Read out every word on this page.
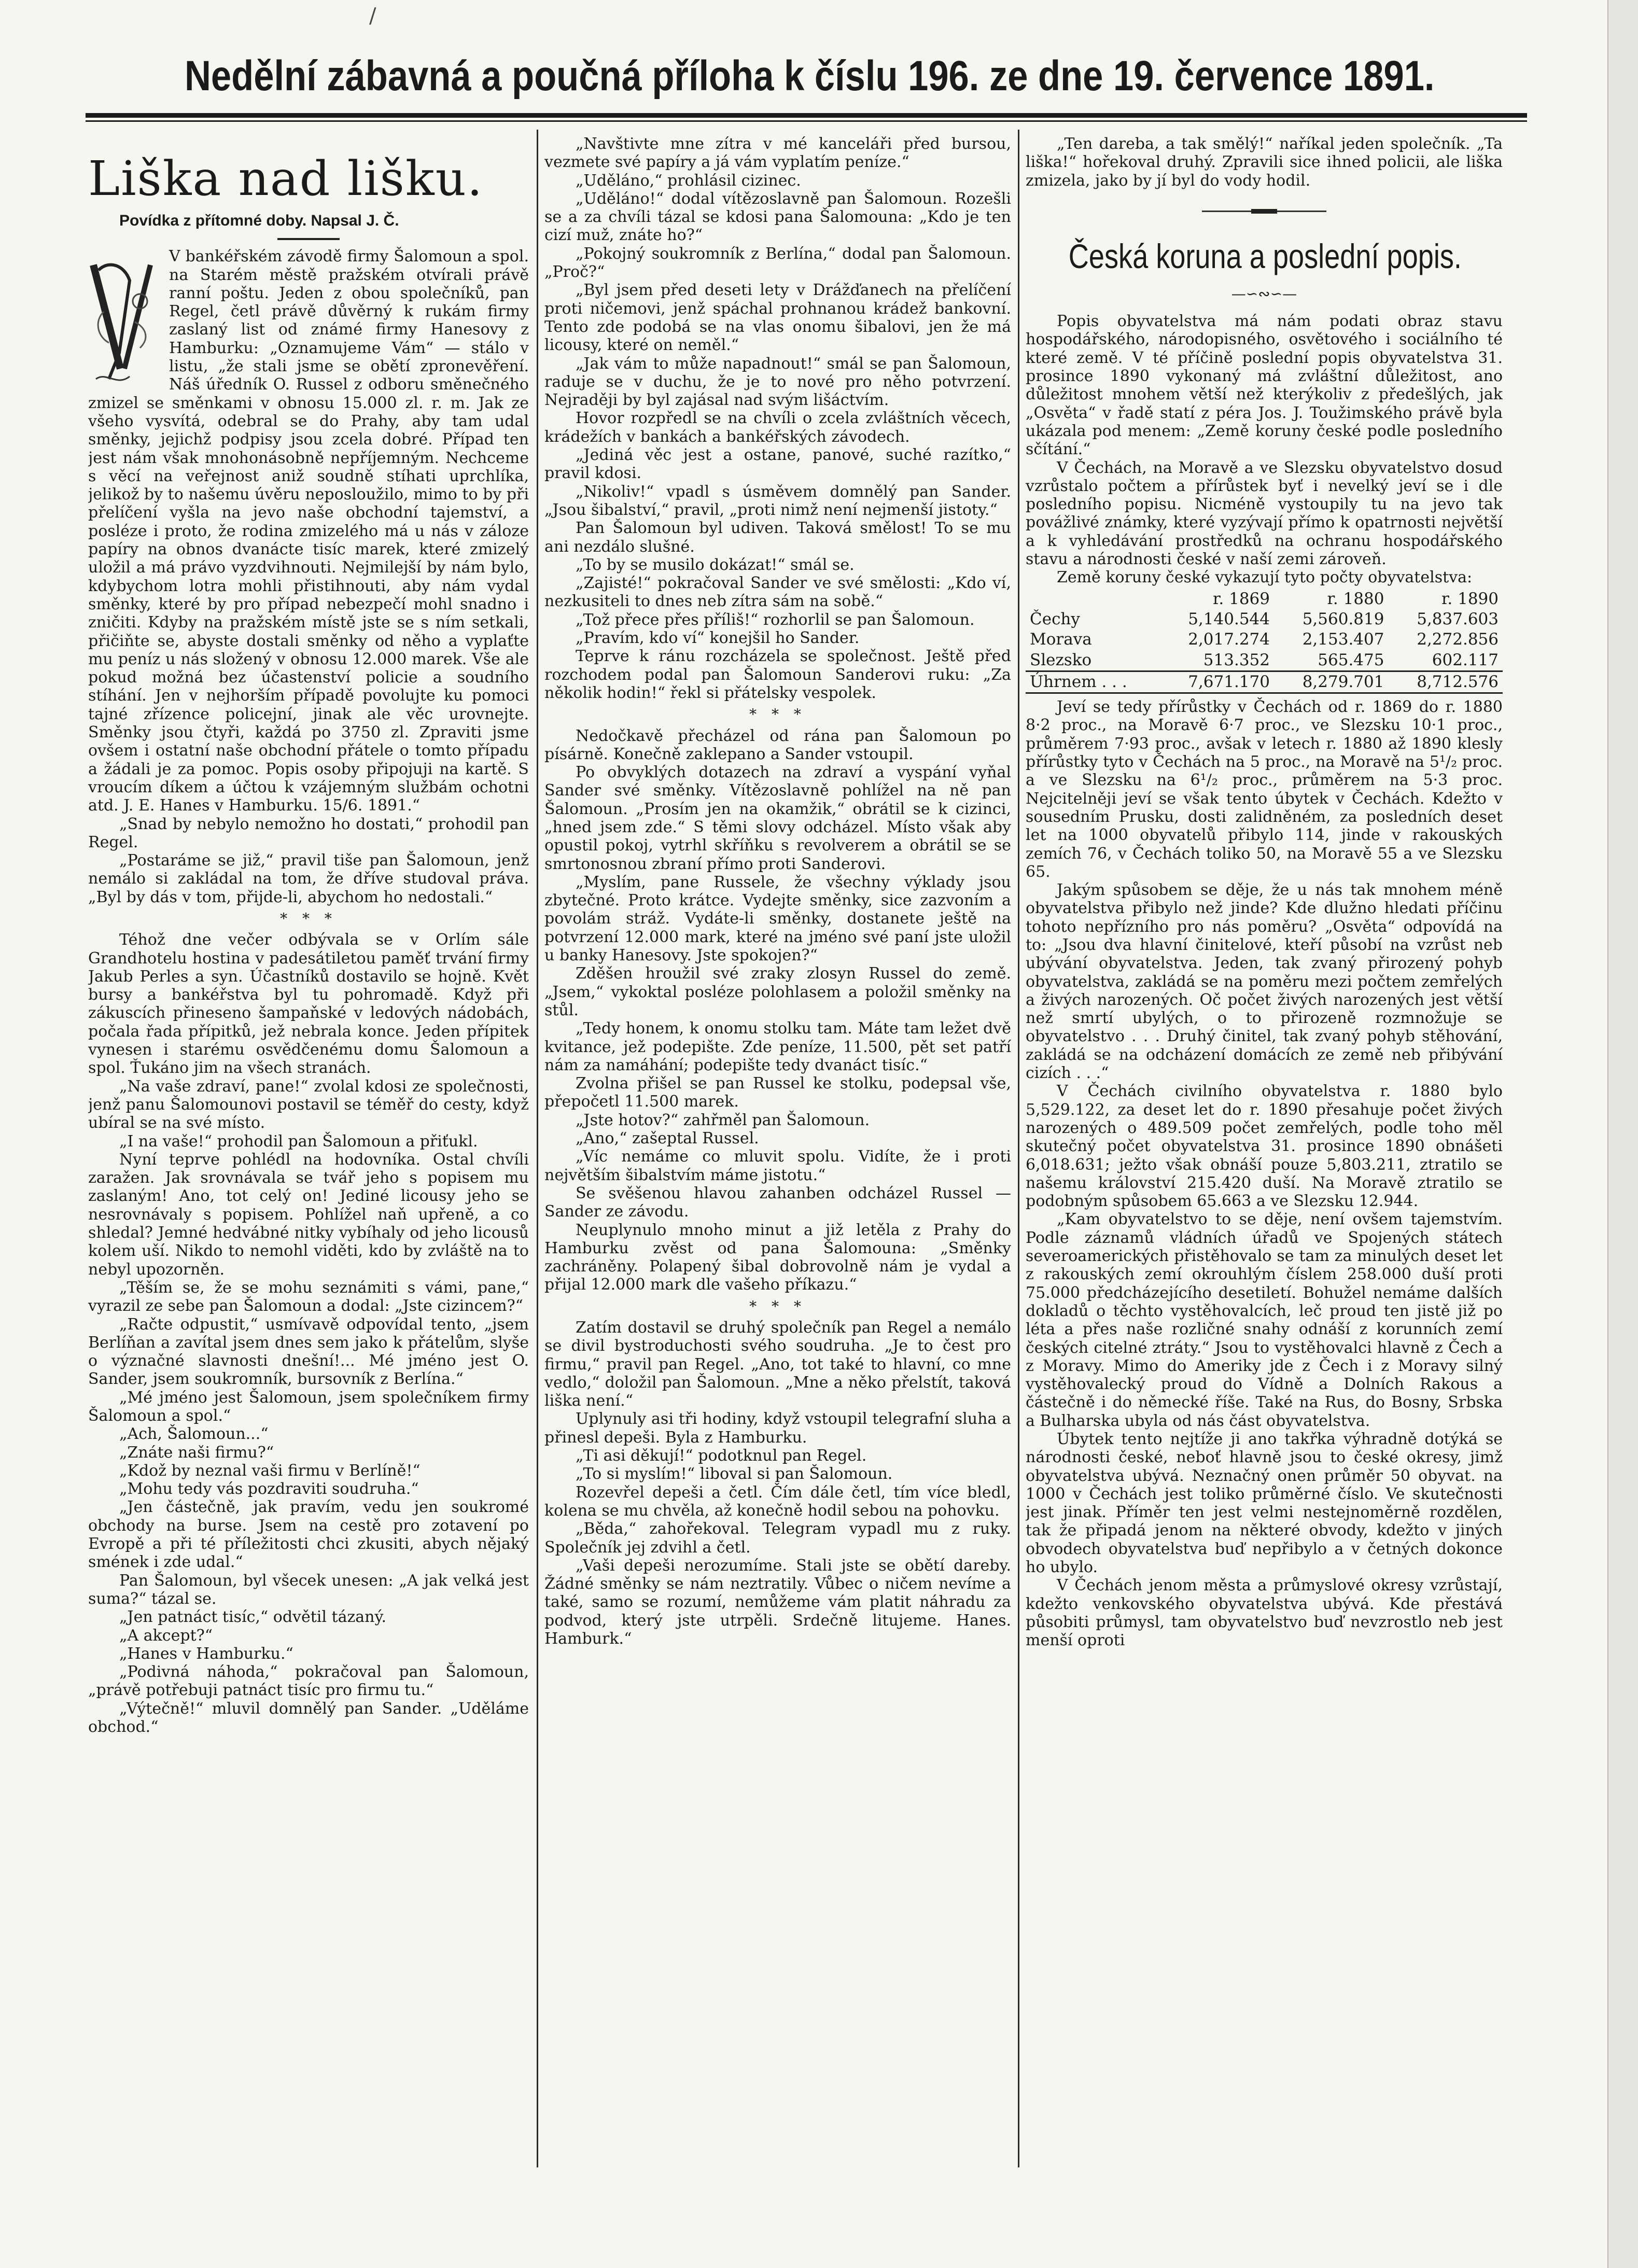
/
Nedělní zábavná a poučná příloha k číslu 196. ze dne 19. července 1891.
Liška nad lišku.
Povídka z přítomné doby. Napsal J. Č.

V bankéřském závodě firmy Šalomoun a spol. na Starém městě pražském otvírali právě ranní poštu. Jeden z obou společníků, pan Regel, četl právě důvěrný k rukám firmy zaslaný list od známé firmy Hanesovy z Hamburku: „Oznamujeme Vám“ — stálo v listu, „že stali jsme se obětí zpronevěření. Náš úředník O. Russel z odboru směnečného zmizel se směnkami v obnosu 15.000 zl. r. m. Jak ze všeho vysvítá, odebral se do Prahy, aby tam udal směnky, jejichž podpisy jsou zcela dobré. Případ ten jest nám však mnohonásobně nepříjemným. Nechceme s věcí na veřejnost aniž soudně stíhati uprchlíka, jelikož by to našemu úvěru neposloužilo, mimo to by při přelíčení vyšla na jevo naše obchodní tajemství, a posléze i proto, že rodina zmizelého má u nás v záloze papíry na obnos dvanácte tisíc marek, které zmizelý uložil a má právo vyzdvihnouti. Nejmilejší by nám bylo, kdybychom lotra mohli přistihnouti, aby nám vydal směnky, které by pro případ nebezpečí mohl snadno i zničiti. Kdyby na pražském místě jste se s ním setkali, přičiňte se, abyste dostali směnky od něho a vyplaťte mu peníz u nás složený v obnosu 12.000 marek. Vše ale pokud možná bez účastenství policie a soudního stíhání. Jen v nejhorším případě povolujte ku pomoci tajné zřízence policejní, jinak ale věc urovnejte. Směnky jsou čtyři, každá po 3750 zl. Zpraviti jsme ovšem i ostatní naše obchodní přátele o tomto případu a žádali je za pomoc. Popis osoby připojuji na kartě. S vroucím díkem a účtou k vzájemným službám ochotni atd. J. E. Hanes v Hamburku. 15/6. 1891.“

„Snad by nebylo nemožno ho dostati,“ prohodil pan Regel.

„Postaráme se již,“ pravil tiše pan Šalomoun, jenž nemálo si zakládal na tom, že dříve studoval práva. „Byl by dás v tom, přijde-li, abychom ho nedostali.“

* * *

Téhož dne večer odbývala se v Orlím sále Grandhotelu hostina v padesátiletou paměť trvání firmy Jakub Perles a syn. Účastníků dostavilo se hojně. Květ bursy a bankéřstva byl tu pohromadě. Když při zákuscích přineseno šampaňské v ledových nádobách, počala řada přípitků, jež nebrala konce. Jeden přípitek vynesen i starému osvědčenému domu Šalomoun a spol. Ťukáno jim na všech stranách.

„Na vaše zdraví, pane!“ zvolal kdosi ze společnosti, jenž panu Šalomounovi postavil se téměř do cesty, když ubíral se na své místo.

„I na vaše!“ prohodil pan Šalomoun a přiťukl.

Nyní teprve pohlédl na hodovníka. Ostal chvíli zaražen. Jak srovnávala se tvář jeho s popisem mu zaslaným! Ano, tot celý on! Jediné licousy jeho se nesrovnávaly s popisem. Pohlížel naň upřeně, a co shledal? Jemné hedvábné nitky vybíhaly od jeho licousů kolem uší. Nikdo to nemohl viděti, kdo by zvláště na to nebyl upozorněn.

„Těším se, že se mohu seznámiti s vámi, pane,“ vyrazil ze sebe pan Šalomoun a dodal: „Jste cizincem?“

„Račte odpustit,“ usmívavě odpovídal tento, „jsem Berlíňan a zavítal jsem dnes sem jako k přátelům, slyše o význačné slavnosti dnešní!... Mé jméno jest O. Sander, jsem soukromník, bursovník z Berlína.“

„Mé jméno jest Šalomoun, jsem společníkem firmy Šalomoun a spol.“

„Ach, Šalomoun...“

„Znáte naši firmu?“

„Kdož by neznal vaši firmu v Berlíně!“

„Mohu tedy vás pozdraviti soudruha.“

„Jen částečně, jak pravím, vedu jen soukromé obchody na burse. Jsem na cestě pro zotavení po Evropě a při té příležitosti chci zkusiti, abych nějaký smének i zde udal.“

Pan Šalomoun, byl všecek unesen: „A jak velká jest suma?“ tázal se.

„Jen patnáct tisíc,“ odvětil tázaný.

„A akcept?“

„Hanes v Hamburku.“

„Podivná náhoda,“ pokračoval pan Šalomoun, „právě potřebuji patnáct tisíc pro firmu tu.“

„Výtečně!“ mluvil domnělý pan Sander. „Uděláme obchod.“

„Navštivte mne zítra v mé kanceláři před bursou, vezmete své papíry a já vám vyplatím peníze.“

„Uděláno,“ prohlásil cizinec.

„Uděláno!“ dodal vítězoslavně pan Šalomoun. Rozešli se a za chvíli tázal se kdosi pana Šalomouna: „Kdo je ten cizí muž, znáte ho?“

„Pokojný soukromník z Berlína,“ dodal pan Šalomoun. „Proč?“

„Byl jsem před deseti lety v Drážďanech na přelíčení proti ničemovi, jenž spáchal prohnanou krádež bankovní. Tento zde podobá se na vlas onomu šibalovi, jen že má licousy, které on neměl.“

„Jak vám to může napadnout!“ smál se pan Šalomoun, raduje se v duchu, že je to nové pro něho potvrzení. Nejraději by byl zajásal nad svým lišáctvím.

Hovor rozpředl se na chvíli o zcela zvláštních věcech, krádežích v bankách a bankéřských závodech.

„Jediná věc jest a ostane, panové, suché razítko,“ pravil kdosi.

„Nikoliv!“ vpadl s úsměvem domnělý pan Sander. „Jsou šibalství,“ pravil, „proti nimž není nejmenší jistoty.“

Pan Šalomoun byl udiven. Taková smělost! To se mu ani nezdálo slušné.

„To by se musilo dokázat!“ smál se.

„Zajisté!“ pokračoval Sander ve své smělosti: „Kdo ví, nezkusiteli to dnes neb zítra sám na sobě.“

„Tož přece přes příliš!“ rozhorlil se pan Šalomoun.

„Pravím, kdo ví“ konejšil ho Sander.

Teprve k ránu rozcházela se společnost. Ještě před rozchodem podal pan Šalomoun Sanderovi ruku: „Za několik hodin!“ řekl si přátelsky vespolek.

* * *

Nedočkavě přecházel od rána pan Šalomoun po písárně. Konečně zaklepano a Sander vstoupil.

Po obvyklých dotazech na zdraví a vyspání vyňal Sander své směnky. Vítězoslavně pohlížel na ně pan Šalomoun. „Prosím jen na okamžik,“ obrátil se k cizinci, „hned jsem zde.“ S těmi slovy odcházel. Místo však aby opustil pokoj, vytrhl skříňku s revolverem a obrátil se se smrtonosnou zbraní přímo proti Sanderovi.

„Myslím, pane Russele, že všechny výklady jsou zbytečné. Proto krátce. Vydejte směnky, sice zazvoním a povolám stráž. Vydáte-li směnky, dostanete ještě na potvrzení 12.000 mark, které na jméno své paní jste uložil u banky Hanesovy. Jste spokojen?“

Zděšen hroužil své zraky zlosyn Russel do země. „Jsem,“ vykoktal posléze polohlasem a položil směnky na stůl.

„Tedy honem, k onomu stolku tam. Máte tam ležet dvě kvitance, jež podepište. Zde peníze, 11.500, pět set patří nám za namáhání; podepište tedy dvanáct tisíc.“

Zvolna přišel se pan Russel ke stolku, podepsal vše, přepočetl 11.500 marek.

„Jste hotov?“ zahřměl pan Šalomoun.

„Ano,“ zašeptal Russel.

„Víc nemáme co mluvit spolu. Vidíte, že i proti největším šibalstvím máme jistotu.“

Se svěšenou hlavou zahanben odcházel Russel — Sander ze závodu.

Neuplynulo mnoho minut a již letěla z Prahy do Hamburku zvěst od pana Šalomouna: „Směnky zachráněny. Polapený šibal dobrovolně nám je vydal a přijal 12.000 mark dle vašeho příkazu.“

* * *

Zatím dostavil se druhý společník pan Regel a nemálo se divil bystroduchosti svého soudruha. „Je to čest pro firmu,“ pravil pan Regel. „Ano, tot také to hlavní, co mne vedlo,“ doložil pan Šalomoun. „Mne a něko přelstít, taková liška není.“

Uplynuly asi tři hodiny, když vstoupil telegrafní sluha a přinesl depeši. Byla z Hamburku.

„Ti asi děkují!“ podotknul pan Regel.

„To si myslím!“ liboval si pan Šalomoun.

Rozevřel depeši a četl. Čím dále četl, tím více bledl, kolena se mu chvěla, až konečně hodil sebou na pohovku.

„Běda,“ zahořekoval. Telegram vypadl mu z ruky. Společník jej zdvihl a četl.

„Vaši depeši nerozumíme. Stali jste se obětí dareby. Žádné směnky se nám neztratily. Vůbec o ničem nevíme a také, samo se rozumí, nemůžeme vám platit náhradu za podvod, který jste utrpěli. Srdečně litujeme. Hanes. Hamburk.“

„Ten dareba, a tak smělý!“ naříkal jeden společník. „Ta liška!“ hořekoval druhý. Zpravili sice ihned policii, ale liška zmizela, jako by jí byl do vody hodil.

Česká koruna a poslední popis.
—∽∾∽—

Popis obyvatelstva má nám podati obraz stavu hospodářského, národopisného, osvětového i sociálního té které země. V té příčině poslední popis obyvatelstva 31. prosince 1890 vykonaný má zvláštní důležitost, ano důležitost mnohem větší než kterýkoliv z předešlých, jak „Osvěta“ v řadě statí z péra Jos. J. Toužimského právě byla ukázala pod menem: „Země koruny české podle posledního sčítání.“

V Čechách, na Moravě a ve Slezsku obyvatelstvo dosud vzrůstalo počtem a přírůstek byť i nevelký jeví se i dle posledního popisu. Nicméně vystoupily tu na jevo tak povážlivé známky, které vyzývají přímo k opatrnosti největší a k vyhledávání prostředků na ochranu hospodářského stavu a národnosti české v naší zemi zároveň.

Země koruny české vykazují tyto počty obyvatelstva:

	r. 1869	r. 1880	r. 1890
Čechy	5,140.544	5,560.819	5,837.603
Morava	2,017.274	2,153.407	2,272.856
Slezsko	513.352	565.475	602.117
Úhrnem . . .	7,671.170	8,279.701	8,712.576

Jeví se tedy přírůstky v Čechách od r. 1869 do r. 1880 8·2 proc., na Moravě 6·7 proc., ve Slezsku 10·1 proc., průměrem 7·93 proc., avšak v letech r. 1880 až 1890 klesly přírůstky tyto v Čechách na 5 proc., na Moravě na 5¹/₂ proc. a ve Slezsku na 6¹/₂ proc., průměrem na 5·3 proc. Nejcitelněji jeví se však tento úbytek v Čechách. Kdežto v sousedním Prusku, dosti zalidněném, za posledních deset let na 1000 obyvatelů přibylo 114, jinde v rakouských zemích 76, v Čechách toliko 50, na Moravě 55 a ve Slezsku 65.

Jakým spůsobem se děje, že u nás tak mnohem méně obyvatelstva přibylo než jinde? Kde dlužno hledati příčinu tohoto nepřízního pro nás poměru? „Osvěta“ odpovídá na to: „Jsou dva hlavní činitelové, kteří působí na vzrůst neb ubývání obyvatelstva. Jeden, tak zvaný přirozený pohyb obyvatelstva, zakládá se na poměru mezi počtem zemřelých a živých narozených. Oč počet živých narozených jest větší než smrtí ubylých, o to přirozeně rozmnožuje se obyvatelstvo . . . Druhý činitel, tak zvaný pohyb stěhování, zakládá se na odcházení domácích ze země neb přibývání cizích . . .“

V Čechách civilního obyvatelstva r. 1880 bylo 5,529.122, za deset let do r. 1890 přesahuje počet živých narozených o 489.509 počet zemřelých, podle toho měl skutečný počet obyvatelstva 31. prosince 1890 obnášeti 6,018.631; ježto však obnáší pouze 5,803.211, ztratilo se našemu království 215.420 duší. Na Moravě ztratilo se podobným spůsobem 65.663 a ve Slezsku 12.944.

„Kam obyvatelstvo to se děje, není ovšem tajemstvím. Podle záznamů vládních úřadů ve Spojených státech severoamerických přistěhovalo se tam za minulých deset let z rakouských zemí okrouhlým číslem 258.000 duší proti 75.000 předcházejícího desetiletí. Bohužel nemáme dalších dokladů o těchto vystěhovalcích, leč proud ten jistě již po léta a přes naše rozličné snahy odnáší z korunních zemí českých citelné ztráty.“ Jsou to vystěhovalci hlavně z Čech a z Moravy. Mimo do Ameriky jde z Čech i z Moravy silný vystěhovalecký proud do Vídně a Dolních Rakous a částečně i do německé říše. Také na Rus, do Bosny, Srbska a Bulharska ubyla od nás část obyvatelstva.

Úbytek tento nejtíže ji ano takřka výhradně dotýká se národnosti české, neboť hlavně jsou to české okresy, jimž obyvatelstva ubývá. Neznačný onen průměr 50 obyvat. na 1000 v Čechách jest toliko průměrné číslo. Ve skutečnosti jest jinak. Příměr ten jest velmi nestejnoměrně rozdělen, tak že připadá jenom na některé obvody, kdežto v jiných obvodech obyvatelstva buď nepřibylo a v četných dokonce ho ubylo.

V Čechách jenom města a průmyslové okresy vzrůstají, kdežto venkovského obyvatelstva ubývá. Kde přestává působiti průmysl, tam obyvatelstvo buď nevzrostlo neb jest menší oproti
